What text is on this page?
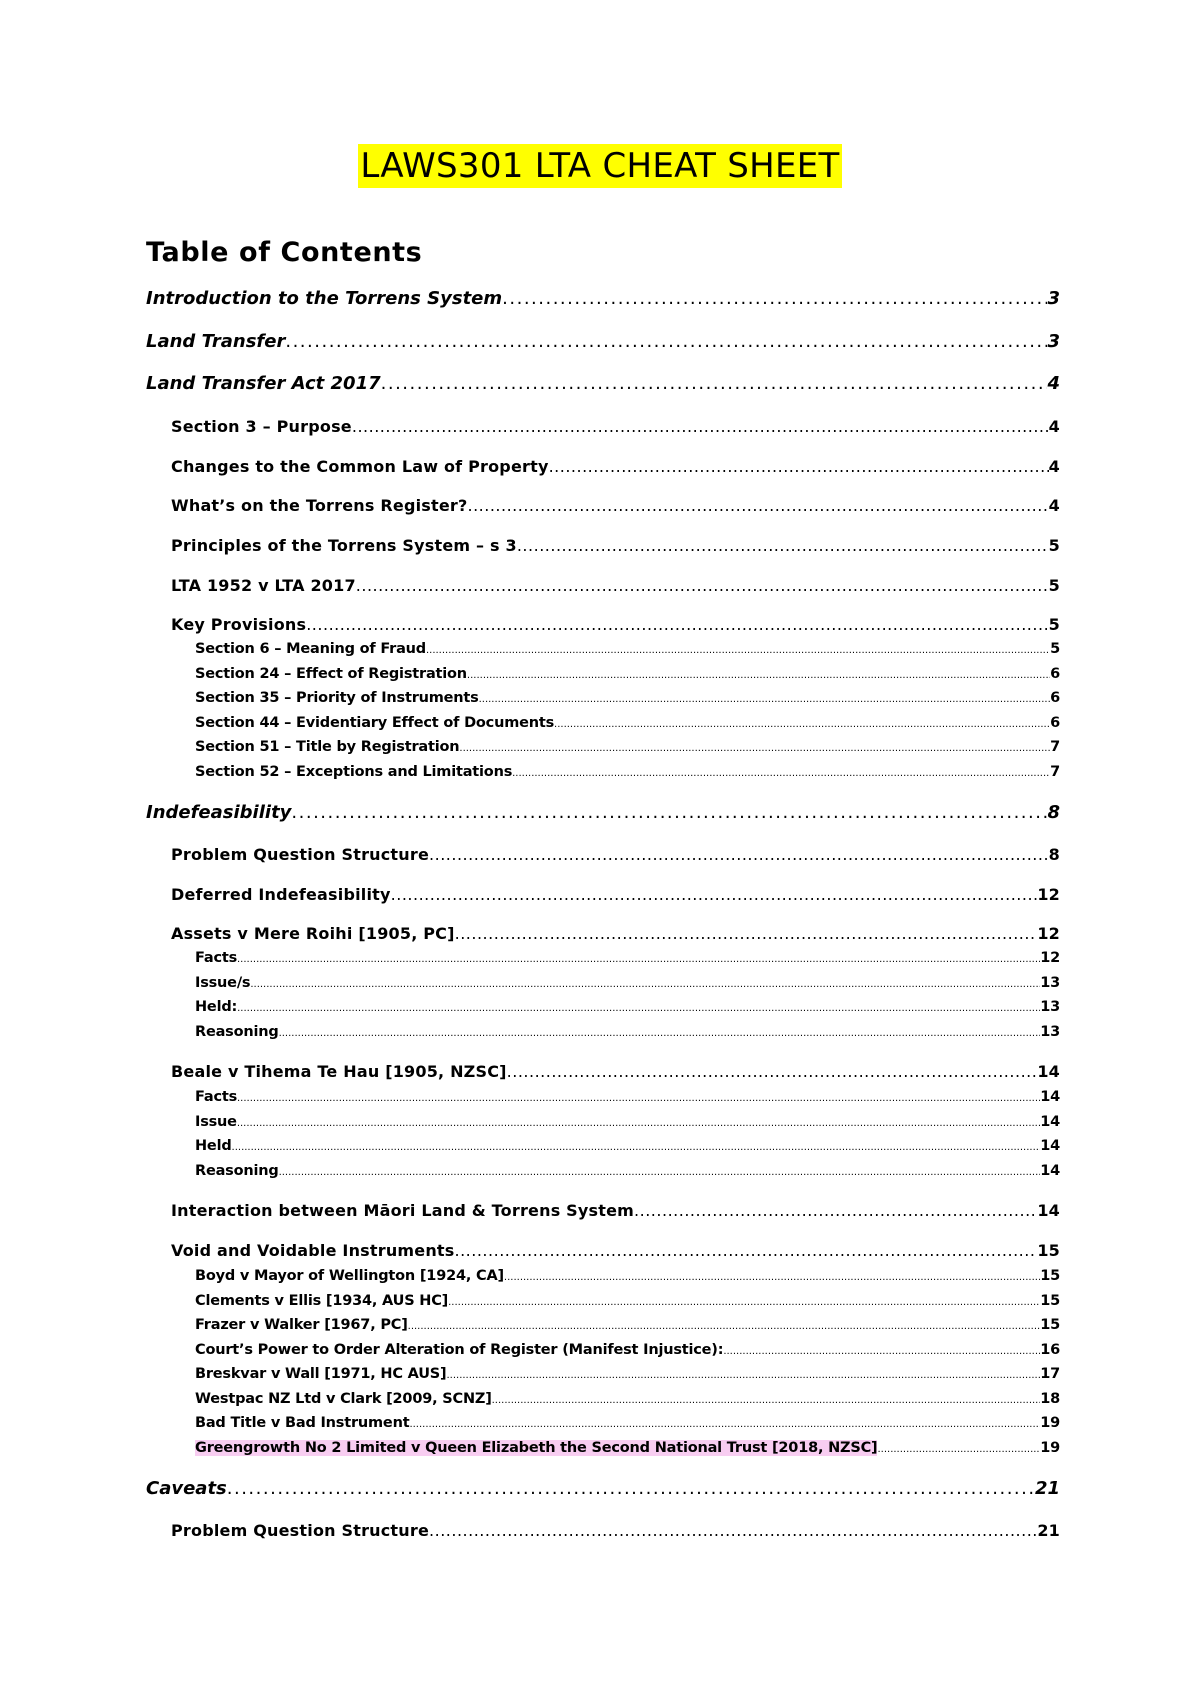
LAWS301 LTA CHEAT SHEET
Table of Contents
Introduction to the Torrens System .....	3
Land Transfer .....	3
Land Transfer Act 2017 .....	4
Section 3 – Purpose .....	4
Changes to the Common Law of Property .....	4
What’s on the Torrens Register? .....	4
Principles of the Torrens System – s 3 .....	5
LTA 1952 v LTA 2017 .....	5
Key Provisions .....	5
Section 6 – Meaning of Fraud .....	5
Section 24 – Effect of Registration .....	6
Section 35 – Priority of Instruments .....	6
Section 44 – Evidentiary Effect of Documents .....	6
Section 51 – Title by Registration .....	7
Section 52 – Exceptions and Limitations .....	7
Indefeasibility .....	8
Problem Question Structure .....	8
Deferred Indefeasibility .....	12
Assets v Mere Roihi [1905, PC] .....	12
Facts .....	12
Issue/s .....	13
Held: .....	13
Reasoning .....	13
Beale v Tihema Te Hau [1905, NZSC] .....	14
Facts .....	14
Issue .....	14
Held .....	14
Reasoning .....	14
Interaction between Māori Land & Torrens System .....	14
Void and Voidable Instruments .....	15
Boyd v Mayor of Wellington [1924, CA] .....	15
Clements v Ellis [1934, AUS HC] .....	15
Frazer v Walker [1967, PC] .....	15
Court’s Power to Order Alteration of Register (Manifest Injustice): .....	16
Breskvar v Wall [1971, HC AUS] .....	17
Westpac NZ Ltd v Clark [2009, SCNZ] .....	18
Bad Title v Bad Instrument .....	19
Greengrowth No 2 Limited v Queen Elizabeth the Second National Trust [2018, NZSC] .....	19
Caveats .....	21
Problem Question Structure .....	21
